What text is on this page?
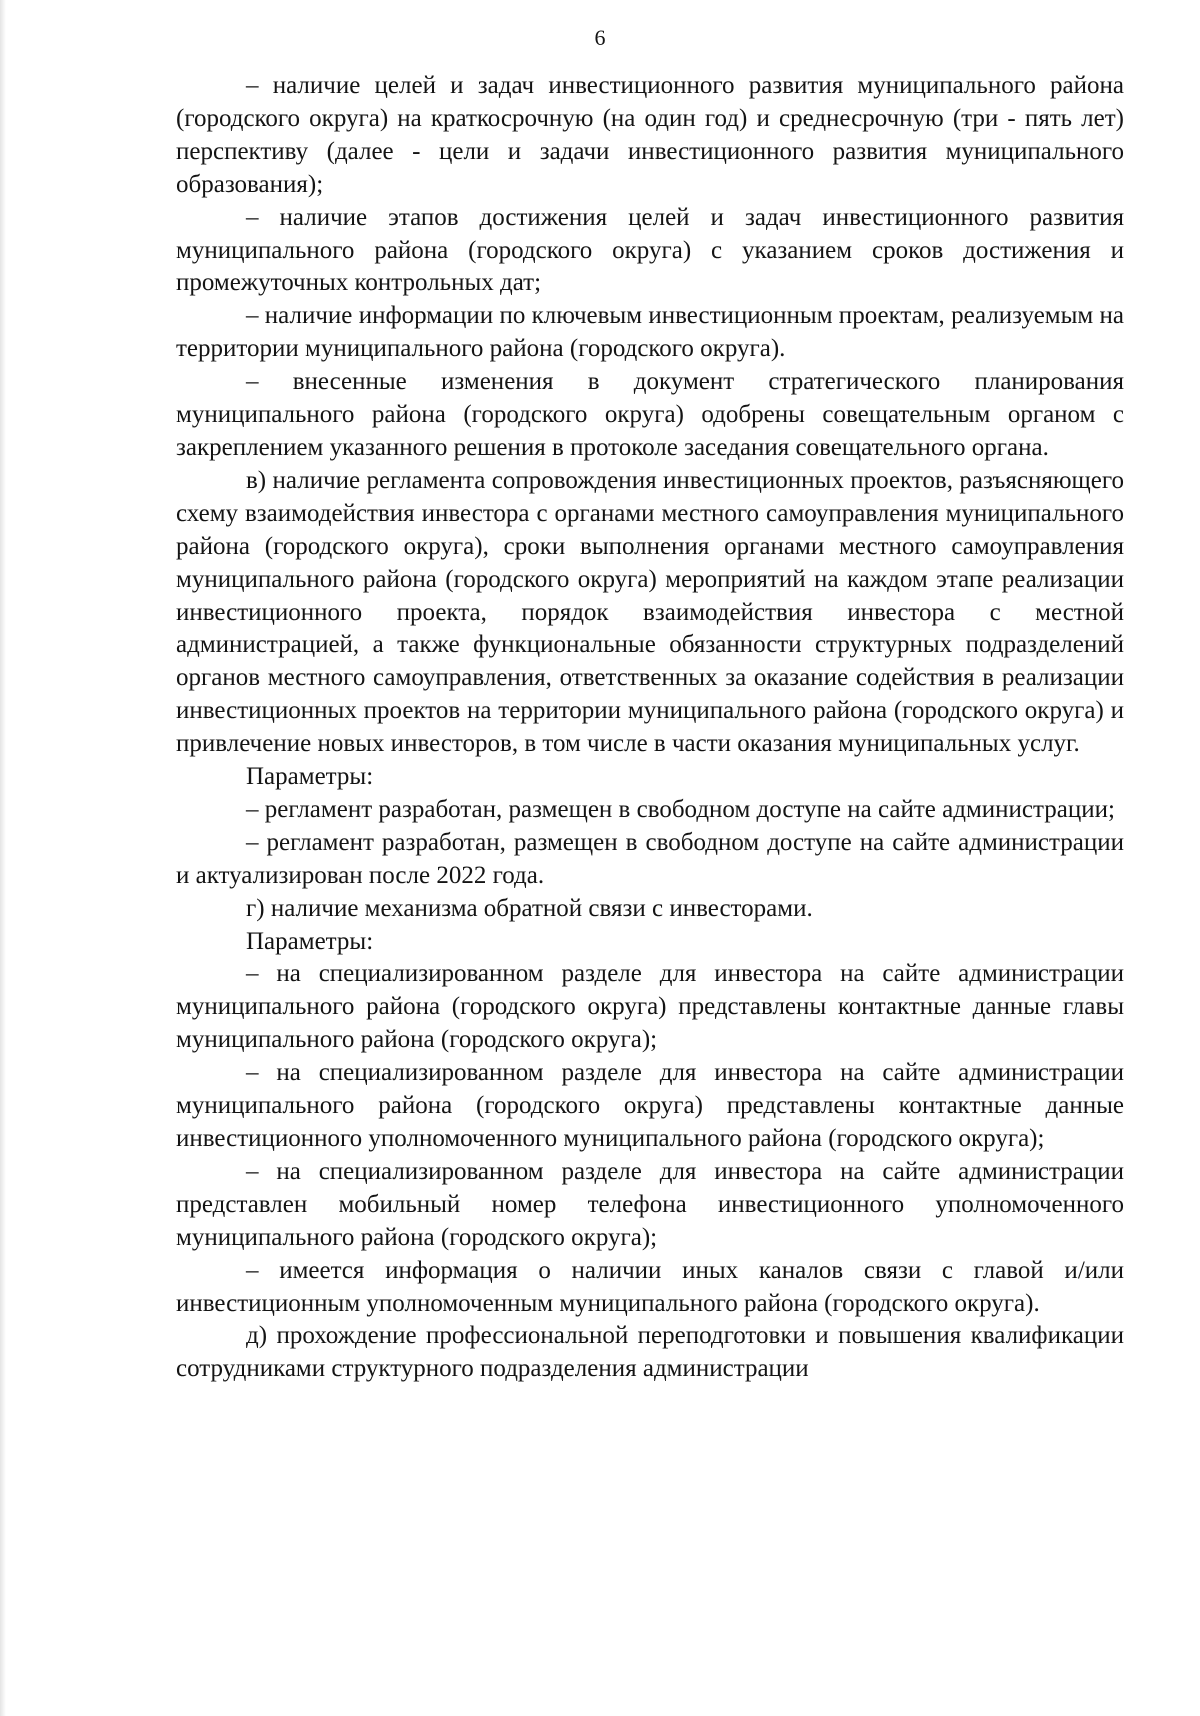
6

– наличие целей и задач инвестиционного развития муниципального района (городского округа) на краткосрочную (на один год) и среднесрочную (три - пять лет) перспективу (далее - цели и задачи инвестиционного развития муниципального образования);

– наличие этапов достижения целей и задач инвестиционного развития муниципального района (городского округа) с указанием сроков достижения и промежуточных контрольных дат;

– наличие информации по ключевым инвестиционным проектам, реализуемым на территории муниципального района (городского округа).

– внесенные изменения в документ стратегического планирования муниципального района (городского округа) одобрены совещательным органом с закреплением указанного решения в протоколе заседания совещательного органа.

в) наличие регламента сопровождения инвестиционных проектов, разъясняющего схему взаимодействия инвестора с органами местного самоуправления муниципального района (городского округа), сроки выполнения органами местного самоуправления муниципального района (городского округа) мероприятий на каждом этапе реализации инвестиционного проекта, порядок взаимодействия инвестора с местной администрацией, а также функциональные обязанности структурных подразделений органов местного самоуправления, ответственных за оказание содействия в реализации инвестиционных проектов на территории муниципального района (городского округа) и привлечение новых инвесторов, в том числе в части оказания муниципальных услуг.

Параметры:

– регламент разработан, размещен в свободном доступе на сайте администрации;

– регламент разработан, размещен в свободном доступе на сайте администрации и актуализирован после 2022 года.

г) наличие механизма обратной связи с инвесторами.

Параметры:

– на специализированном разделе для инвестора на сайте администрации муниципального района (городского округа) представлены контактные данные главы муниципального района (городского округа);

– на специализированном разделе для инвестора на сайте администрации муниципального района (городского округа) представлены контактные данные инвестиционного уполномоченного муниципального района (городского округа);

– на специализированном разделе для инвестора на сайте администрации представлен мобильный номер телефона инвестиционного уполномоченного муниципального района (городского округа);

– имеется информация о наличии иных каналов связи с главой и/или инвестиционным уполномоченным муниципального района (городского округа).

д) прохождение профессиональной переподготовки и повышения квалификации сотрудниками структурного подразделения администрации
